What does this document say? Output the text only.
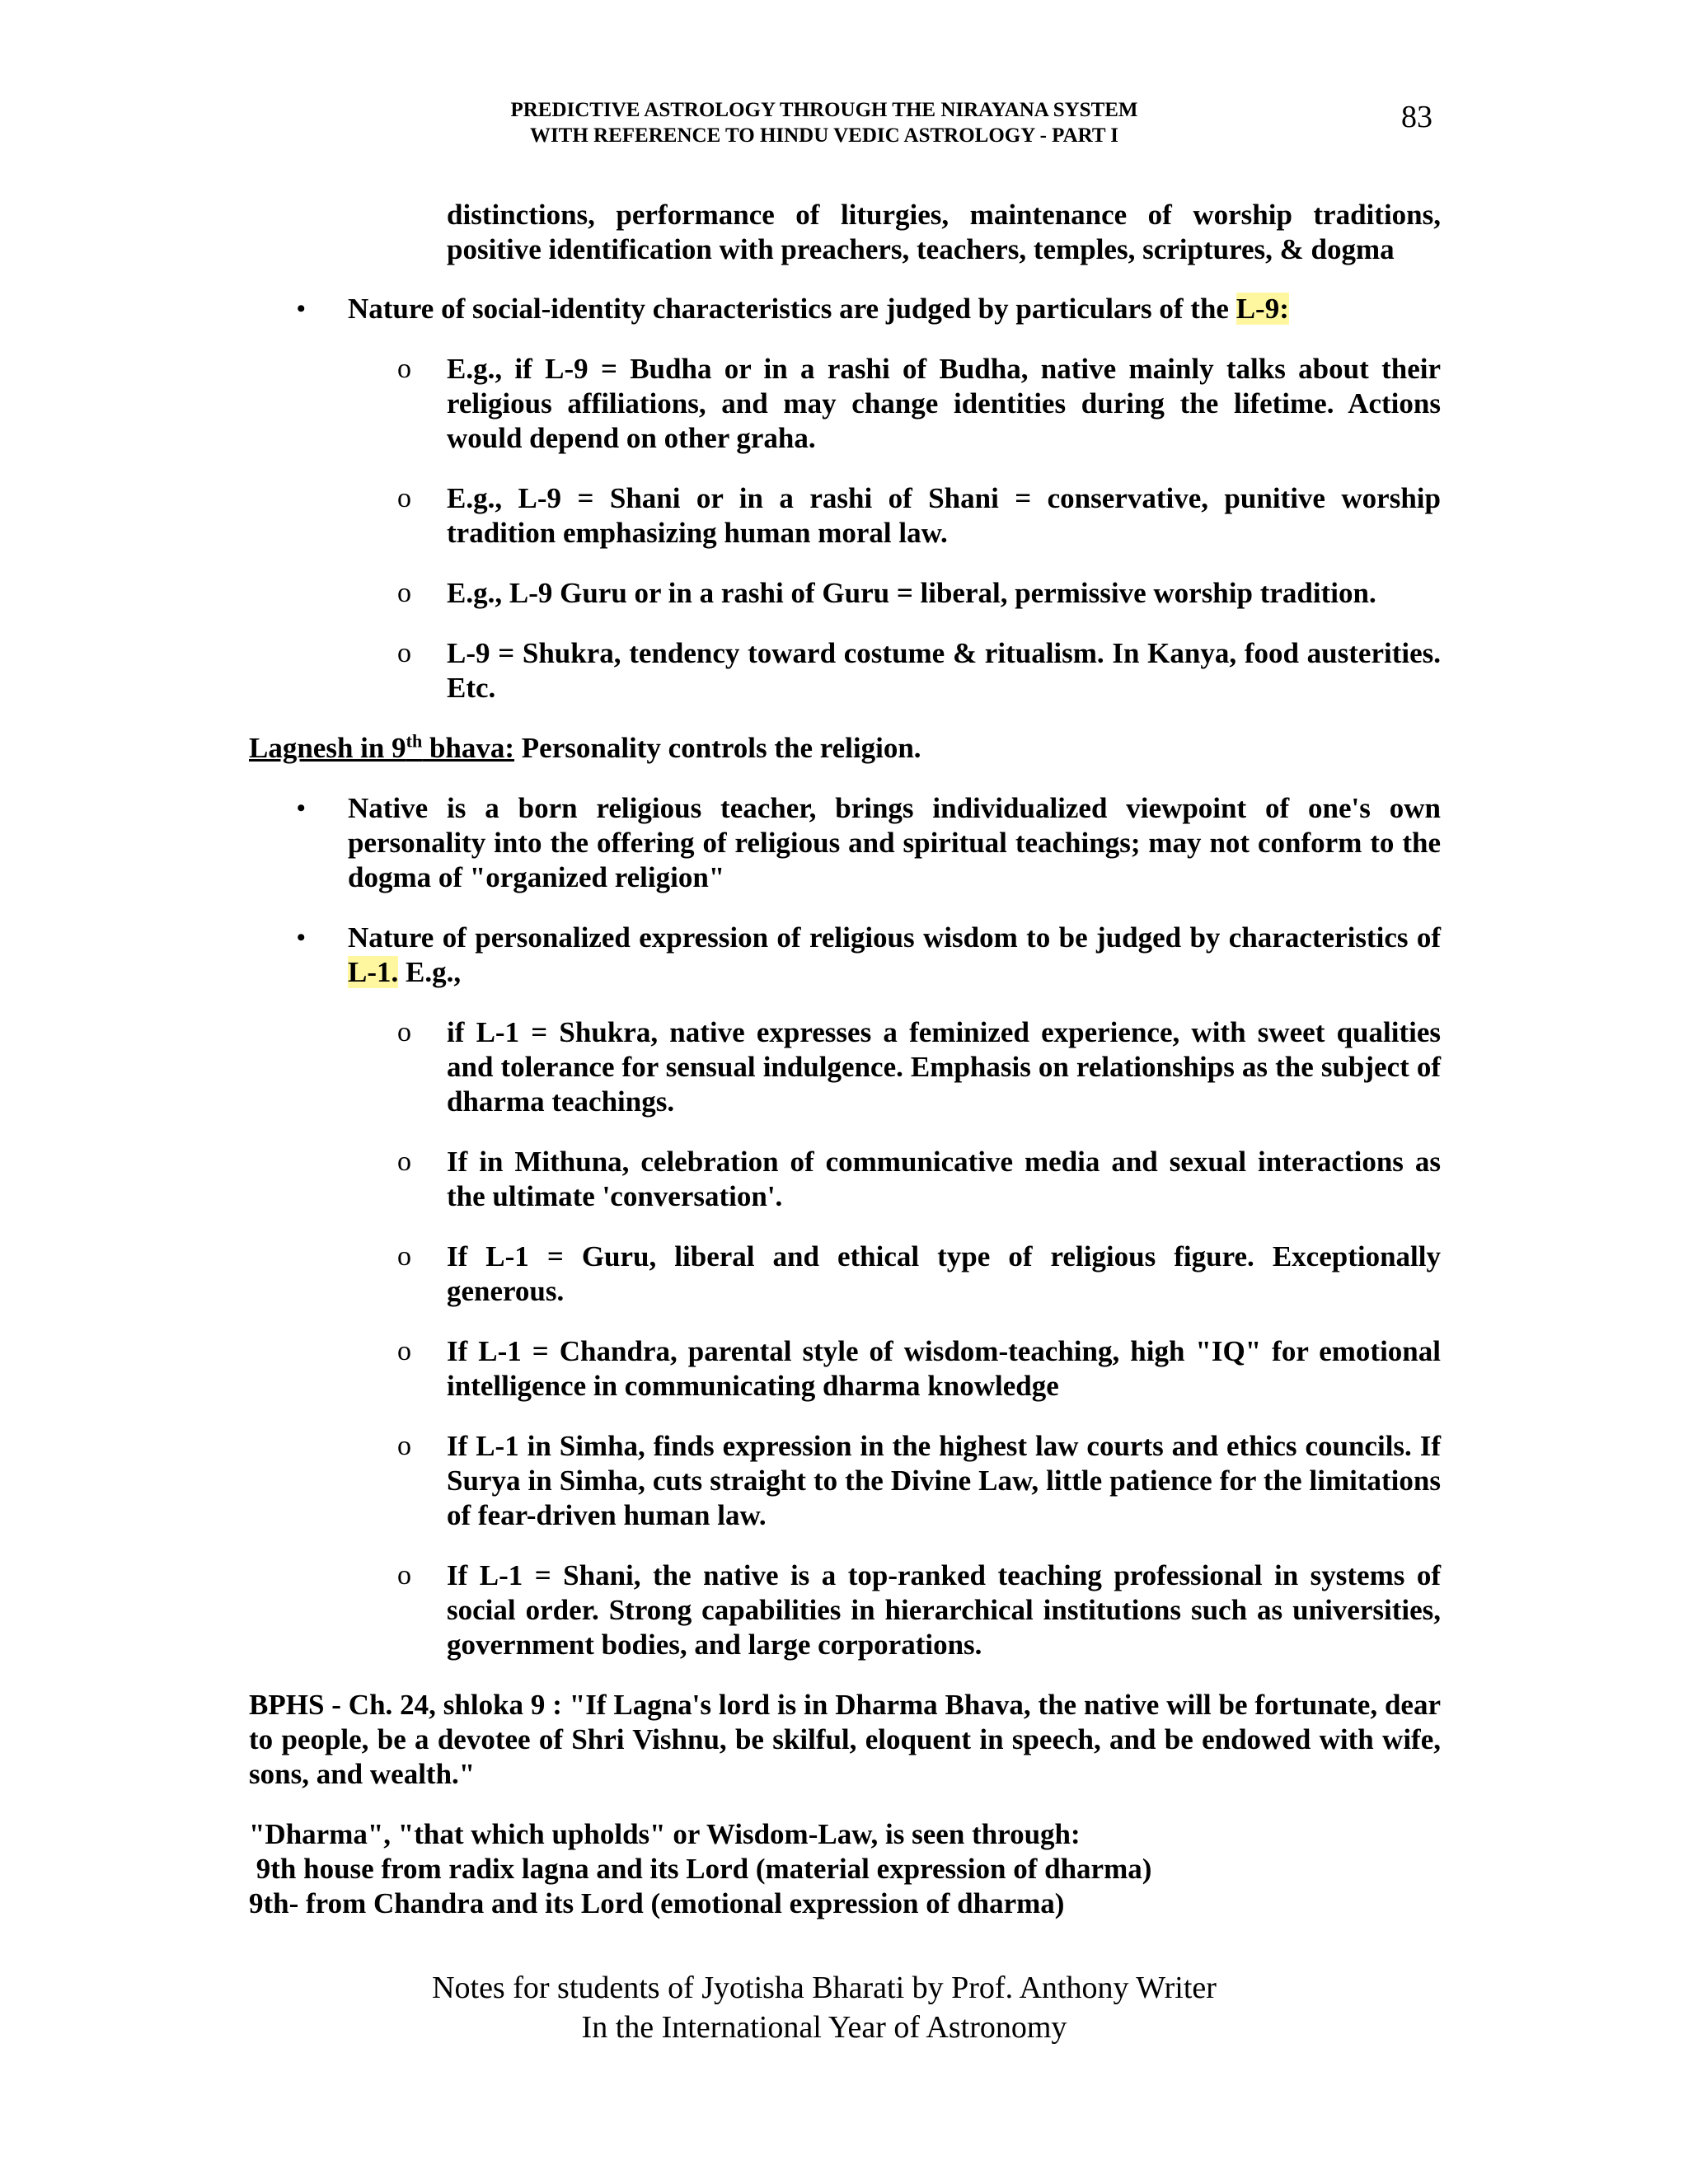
PREDICTIVE ASTROLOGY THROUGH THE NIRAYANA SYSTEM
WITH REFERENCE TO HINDU VEDIC ASTROLOGY - PART I
83

distinctions, performance of liturgies, maintenance of worship traditions, positive identification with preachers, teachers, temples, scriptures, & dogma

• Nature of social-identity characteristics are judged by particulars of the L-9:
o E.g., if L-9 = Budha or in a rashi of Budha, native mainly talks about their religious affiliations, and may change identities during the lifetime. Actions would depend on other graha.
o E.g., L-9 = Shani or in a rashi of Shani = conservative, punitive worship tradition emphasizing human moral law.
o E.g., L-9 Guru or in a rashi of Guru = liberal, permissive worship tradition.
o L-9 = Shukra, tendency toward costume & ritualism. In Kanya, food austerities. Etc.

Lagnesh in 9th bhava: Personality controls the religion.

• Native is a born religious teacher, brings individualized viewpoint of one's own personality into the offering of religious and spiritual teachings; may not conform to the dogma of "organized religion"
• Nature of personalized expression of religious wisdom to be judged by characteristics of L-1. E.g.,
o if L-1 = Shukra, native expresses a feminized experience, with sweet qualities and tolerance for sensual indulgence. Emphasis on relationships as the subject of dharma teachings.
o If in Mithuna, celebration of communicative media and sexual interactions as the ultimate 'conversation'.
o If L-1 = Guru, liberal and ethical type of religious figure. Exceptionally generous.
o If L-1 = Chandra, parental style of wisdom-teaching, high "IQ" for emotional intelligence in communicating dharma knowledge
o If L-1 in Simha, finds expression in the highest law courts and ethics councils. If Surya in Simha, cuts straight to the Divine Law, little patience for the limitations of fear-driven human law.
o If L-1 = Shani, the native is a top-ranked teaching professional in systems of social order. Strong capabilities in hierarchical institutions such as universities, government bodies, and large corporations.

BPHS - Ch. 24, shloka 9 : "If Lagna's lord is in Dharma Bhava, the native will be fortunate, dear to people, be a devotee of Shri Vishnu, be skilful, eloquent in speech, and be endowed with wife, sons, and wealth."

"Dharma", "that which upholds" or Wisdom-Law, is seen through:
9th house from radix lagna and its Lord (material expression of dharma)
9th- from Chandra and its Lord (emotional expression of dharma)
Notes for students of Jyotisha Bharati by Prof. Anthony Writer
In the International Year of Astronomy
